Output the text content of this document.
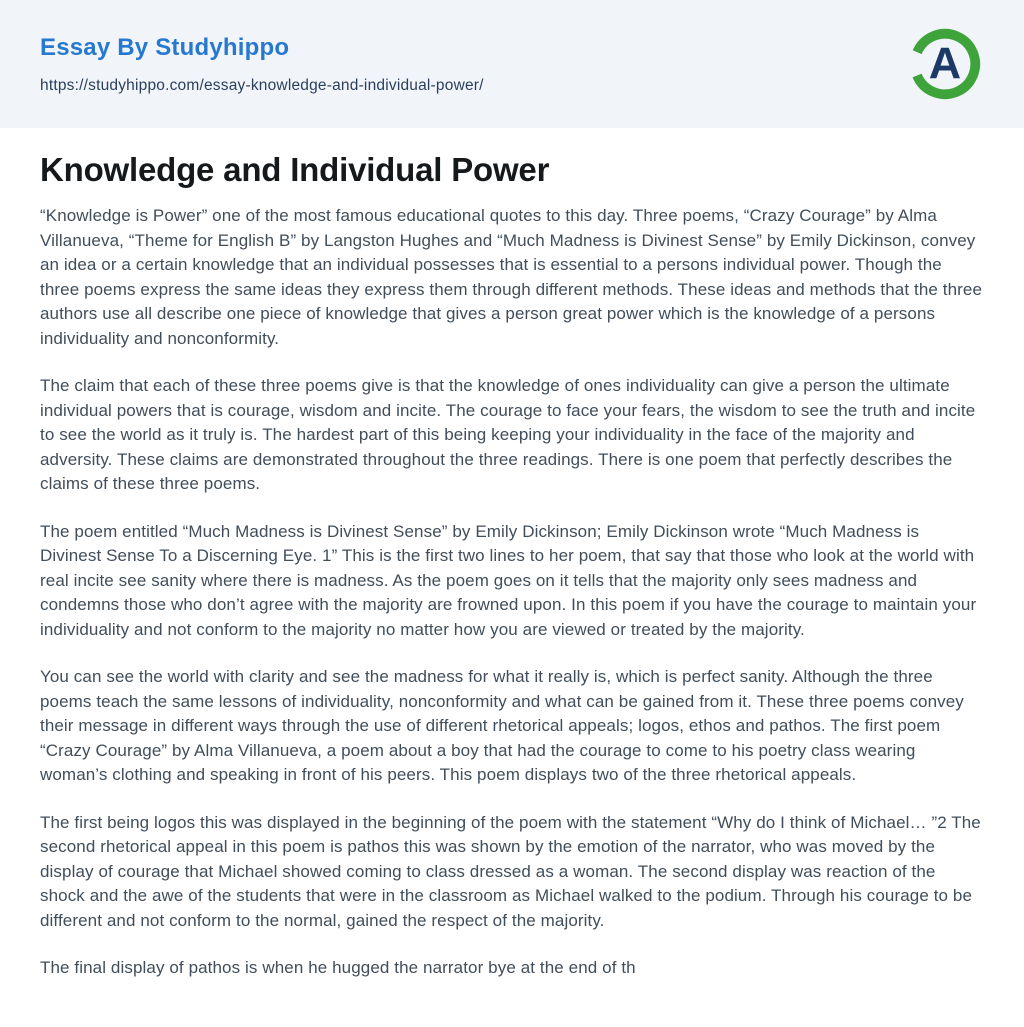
Essay By Studyhippo
https://studyhippo.com/essay-knowledge-and-individual-power/	A
Knowledge and Individual Power

“Knowledge is Power” one of the most famous educational quotes to this day. Three poems, “Crazy Courage” by Alma Villanueva, “Theme for English B” by Langston Hughes and “Much Madness is Divinest Sense” by Emily Dickinson, convey an idea or a certain knowledge that an individual possesses that is essential to a persons individual power. Though the three poems express the same ideas they express them through different methods. These ideas and methods that the three authors use all describe one piece of knowledge that gives a person great power which is the knowledge of a persons individuality and nonconformity.

The claim that each of these three poems give is that the knowledge of ones individuality can give a person the ultimate individual powers that is courage, wisdom and incite. The courage to face your fears, the wisdom to see the truth and incite to see the world as it truly is. The hardest part of this being keeping your individuality in the face of the majority and adversity. These claims are demonstrated throughout the three readings. There is one poem that perfectly describes the claims of these three poems.

The poem entitled “Much Madness is Divinest Sense” by Emily Dickinson; Emily Dickinson wrote “Much Madness is Divinest Sense To a Discerning Eye. 1” This is the first two lines to her poem, that say that those who look at the world with real incite see sanity where there is madness. As the poem goes on it tells that the majority only sees madness and condemns those who don’t agree with the majority are frowned upon. In this poem if you have the courage to maintain your individuality and not conform to the majority no matter how you are viewed or treated by the majority.

You can see the world with clarity and see the madness for what it really is, which is perfect sanity. Although the three poems teach the same lessons of individuality, nonconformity and what can be gained from it. These three poems convey their message in different ways through the use of different rhetorical appeals; logos, ethos and pathos. The first poem “Crazy Courage” by Alma Villanueva, a poem about a boy that had the courage to come to his poetry class wearing woman’s clothing and speaking in front of his peers. This poem displays two of the three rhetorical appeals.

The first being logos this was displayed in the beginning of the poem with the statement “Why do I think of Michael… ”2 The second rhetorical appeal in this poem is pathos this was shown by the emotion of the narrator, who was moved by the display of courage that Michael showed coming to class dressed as a woman. The second display was reaction of the shock and the awe of the students that were in the classroom as Michael walked to the podium. Through his courage to be different and not conform to the normal, gained the respect of the majority.

The final display of pathos is when he hugged the narrator bye at the end of th
